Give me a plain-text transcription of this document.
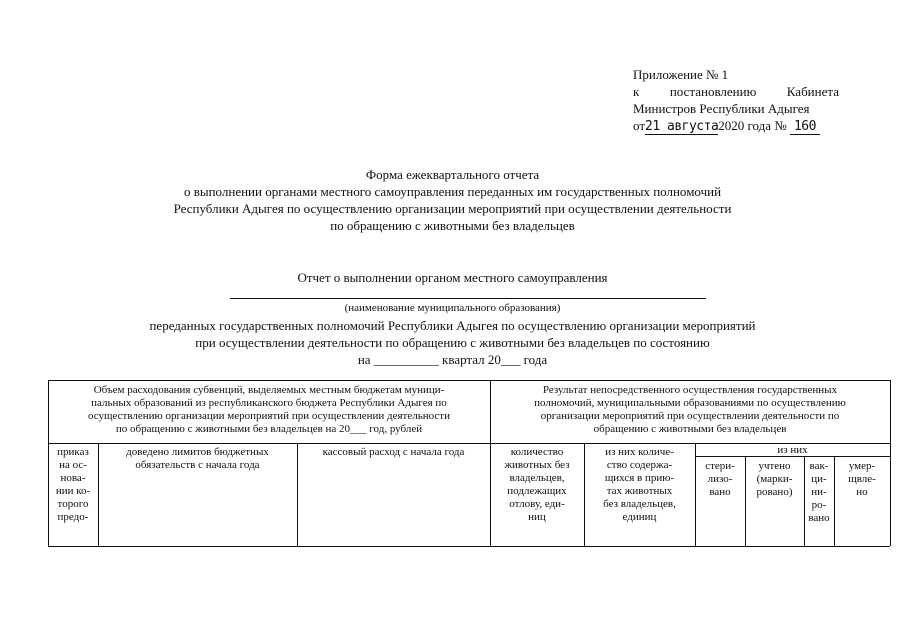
Приложение № 1
к постановлению Кабинета
Министров Республики Адыгея
от21 августа2020 года № 160
Форма ежеквартального отчета
о выполнении органами местного самоуправления переданных им государственных полномочий
Республики Адыгея по осуществлению организации мероприятий при осуществлении деятельности
по обращению с животными без владельцев
Отчет о выполнении органом местного самоуправления
(наименование муниципального образования)
переданных государственных полномочий Республики Адыгея по осуществлению организации мероприятий
при осуществлении деятельности по обращению с животными без владельцев по состоянию
на __________ квартал 20___ года
Объем расходования субвенций, выделяемых местным бюджетам муници-
пальных образований из республиканского бюджета Республики Адыгея по
осуществлению организации мероприятий при осуществлении деятельности
по обращению с животными без владельцев на 20___ год, рублей
Результат непосредственного осуществления государственных
полномочий, муниципальными образованиями по осуществлению
организации мероприятий при осуществлении деятельности по
обращению с животными без владельцев
приказ
на ос-
нова-
нии ко-
торого
предо-
доведено лимитов бюджетных
обязательств с начала года
кассовый расход с начала года	количество
животных без
владельцев,
подлежащих
отлову, еди-
ниц
из них количе-
ство содержа-
щихся в прию-
тах животных
без владельцев,
единиц
из них
стери-
лизо-
вано
учтено
(марки-
ровано)
вак-
ци-
ни-
ро-
вано
умер-
щвле-
но
